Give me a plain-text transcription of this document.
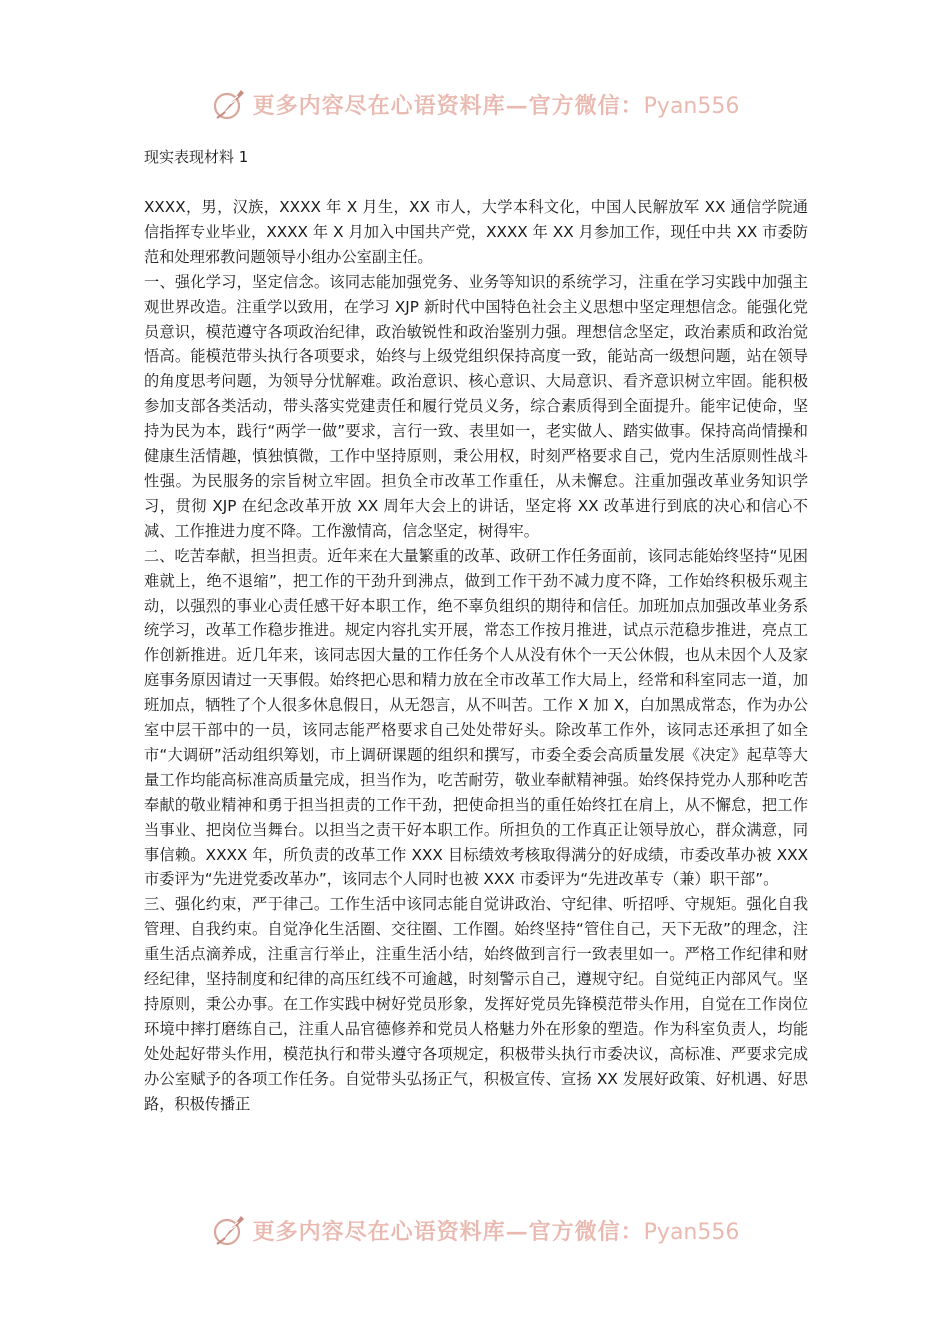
更多内容尽在心语资料库—官方微信：Pyan556
现实表现材料 1

XXXX，男，汉族，XXXX 年 X 月生，XX 市人，大学本科文化，中国人民解放军 XX 通信学院通信指挥专业毕业，XXXX 年 X 月加入中国共产党，XXXX 年 XX 月参加工作，现任中共 XX 市委防范和处理邪教问题领导小组办公室副主任。

一、强化学习，坚定信念。该同志能加强党务、业务等知识的系统学习，注重在学习实践中加强主观世界改造。注重学以致用，在学习 XJP 新时代中国特色社会主义思想中坚定理想信念。能强化党员意识，模范遵守各项政治纪律，政治敏锐性和政治鉴别力强。理想信念坚定，政治素质和政治觉悟高。能模范带头执行各项要求，始终与上级党组织保持高度一致，能站高一级想问题，站在领导的角度思考问题，为领导分忧解难。政治意识、核心意识、大局意识、看齐意识树立牢固。能积极参加支部各类活动，带头落实党建责任和履行党员义务，综合素质得到全面提升。能牢记使命，坚持为民为本，践行“两学一做”要求，言行一致、表里如一，老实做人、踏实做事。保持高尚情操和健康生活情趣，慎独慎微，工作中坚持原则，秉公用权，时刻严格要求自己，党内生活原则性战斗性强。为民服务的宗旨树立牢固。担负全市改革工作重任，从未懈怠。注重加强改革业务知识学习，贯彻 XJP 在纪念改革开放 XX 周年大会上的讲话，坚定将 XX 改革进行到底的决心和信心不减、工作推进力度不降。工作激情高，信念坚定，树得牢。

二、吃苦奉献，担当担责。近年来在大量繁重的改革、政研工作任务面前，该同志能始终坚持“见困难就上，绝不退缩”，把工作的干劲升到沸点，做到工作干劲不减力度不降，工作始终积极乐观主动，以强烈的事业心责任感干好本职工作，绝不辜负组织的期待和信任。加班加点加强改革业务系统学习，改革工作稳步推进。规定内容扎实开展，常态工作按月推进，试点示范稳步推进，亮点工作创新推进。近几年来，该同志因大量的工作任务个人从没有休个一天公休假，也从未因个人及家庭事务原因请过一天事假。始终把心思和精力放在全市改革工作大局上，经常和科室同志一道，加班加点，牺牲了个人很多休息假日，从无怨言，从不叫苦。工作 X 加 X，白加黑成常态，作为办公室中层干部中的一员，该同志能严格要求自己处处带好头。除改革工作外，该同志还承担了如全市“大调研”活动组织筹划，市上调研课题的组织和撰写，市委全委会高质量发展《决定》起草等大量工作均能高标准高质量完成，担当作为，吃苦耐劳，敬业奉献精神强。始终保持党办人那种吃苦奉献的敬业精神和勇于担当担责的工作干劲，把使命担当的重任始终扛在肩上，从不懈怠，把工作当事业、把岗位当舞台。以担当之责干好本职工作。所担负的工作真正让领导放心，群众满意，同事信赖。XXXX 年，所负责的改革工作 XXX 目标绩效考核取得满分的好成绩，市委改革办被 XXX 市委评为“先进党委改革办”，该同志个人同时也被 XXX 市委评为“先进改革专（兼）职干部”。

三、强化约束，严于律己。工作生活中该同志能自觉讲政治、守纪律、听招呼、守规矩。强化自我管理、自我约束。自觉净化生活圈、交往圈、工作圈。始终坚持“管住自己，天下无敌”的理念，注重生活点滴养成，注重言行举止，注重生活小结，始终做到言行一致表里如一。严格工作纪律和财经纪律，坚持制度和纪律的高压红线不可逾越，时刻警示自己，遵规守纪。自觉纯正内部风气。坚持原则，秉公办事。在工作实践中树好党员形象，发挥好党员先锋模范带头作用，自觉在工作岗位环境中摔打磨练自己，注重人品官德修养和党员人格魅力外在形象的塑造。作为科室负责人，均能处处起好带头作用，模范执行和带头遵守各项规定，积极带头执行市委决议，高标准、严要求完成办公室赋予的各项工作任务。自觉带头弘扬正气，积极宣传、宣扬 XX 发展好政策、好机遇、好思路，积极传播正

更多内容尽在心语资料库—官方微信：Pyan556
